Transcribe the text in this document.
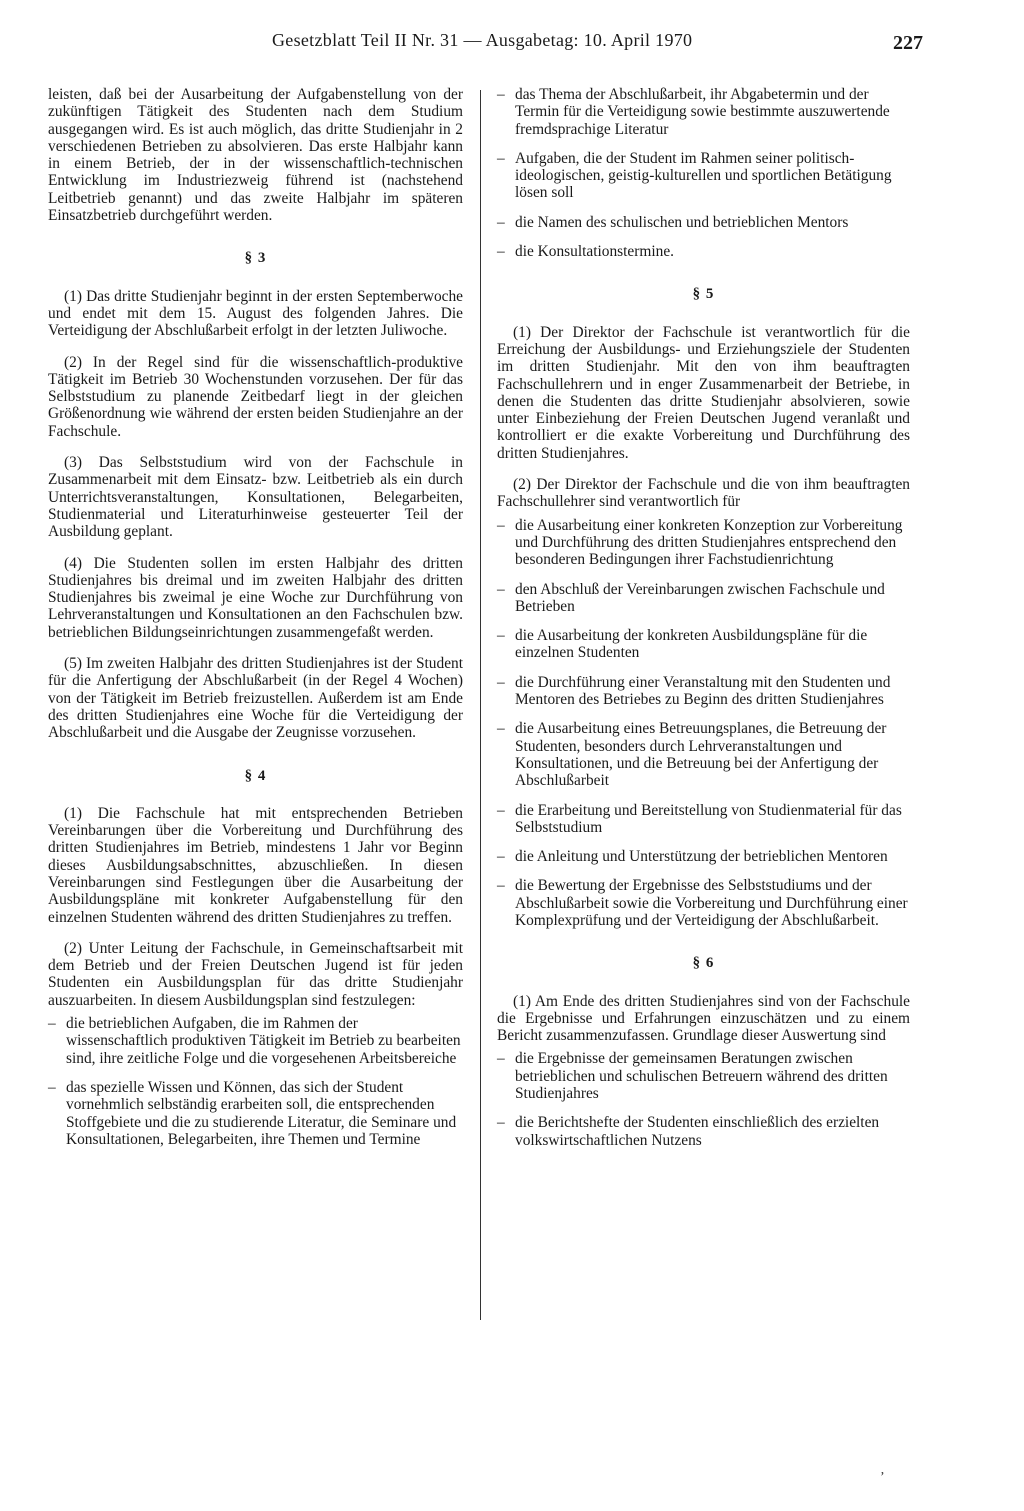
Gesetzblatt Teil II Nr. 31 — Ausgabetag: 10. April 1970	227

leisten, daß bei der Ausarbeitung der Aufgabenstellung von der zukünftigen Tätigkeit des Studenten nach dem Studium ausgegangen wird. Es ist auch möglich, das dritte Studienjahr in 2 verschiedenen Betrieben zu absolvieren. Das erste Halbjahr kann in einem Betrieb, der in der wissenschaftlich-technischen Entwicklung im Industriezweig führend ist (nachstehend Leitbetrieb genannt) und das zweite Halbjahr im späteren Einsatzbetrieb durchgeführt werden.

§ 3

(1) Das dritte Studienjahr beginnt in der ersten Septemberwoche und endet mit dem 15. August des folgenden Jahres. Die Verteidigung der Abschlußarbeit erfolgt in der letzten Juliwoche.

(2) In der Regel sind für die wissenschaftlich-produktive Tätigkeit im Betrieb 30 Wochenstunden vorzusehen. Der für das Selbststudium zu planende Zeitbedarf liegt in der gleichen Größenordnung wie während der ersten beiden Studienjahre an der Fachschule.

(3) Das Selbststudium wird von der Fachschule in Zusammenarbeit mit dem Einsatz- bzw. Leitbetrieb als ein durch Unterrichtsveranstaltungen, Konsultationen, Belegarbeiten, Studienmaterial und Literaturhinweise gesteuerter Teil der Ausbildung geplant.

(4) Die Studenten sollen im ersten Halbjahr des dritten Studienjahres bis dreimal und im zweiten Halbjahr des dritten Studienjahres bis zweimal je eine Woche zur Durchführung von Lehrveranstaltungen und Konsultationen an den Fachschulen bzw. betrieblichen Bildungseinrichtungen zusammengefaßt werden.

(5) Im zweiten Halbjahr des dritten Studienjahres ist der Student für die Anfertigung der Abschlußarbeit (in der Regel 4 Wochen) von der Tätigkeit im Betrieb freizustellen. Außerdem ist am Ende des dritten Studienjahres eine Woche für die Verteidigung der Abschlußarbeit und die Ausgabe der Zeugnisse vorzusehen.

§ 4

(1) Die Fachschule hat mit entsprechenden Betrieben Vereinbarungen über die Vorbereitung und Durchführung des dritten Studienjahres im Betrieb, mindestens 1 Jahr vor Beginn dieses Ausbildungsabschnittes, abzuschließen. In diesen Vereinbarungen sind Festlegungen über die Ausarbeitung der Ausbildungspläne mit konkreter Aufgabenstellung für den einzelnen Studenten während des dritten Studienjahres zu treffen.

(2) Unter Leitung der Fachschule, in Gemeinschaftsarbeit mit dem Betrieb und der Freien Deutschen Jugend ist für jeden Studenten ein Ausbildungsplan für das dritte Studienjahr auszuarbeiten. In diesem Ausbildungsplan sind festzulegen:

– die betrieblichen Aufgaben, die im Rahmen der wissenschaftlich produktiven Tätigkeit im Betrieb zu bearbeiten sind, ihre zeitliche Folge und die vorgesehenen Arbeitsbereiche
– das spezielle Wissen und Können, das sich der Student vornehmlich selbständig erarbeiten soll, die entsprechenden Stoffgebiete und die zu studierende Literatur, die Seminare und Konsultationen, Belegarbeiten, ihre Themen und Termine
– das Thema der Abschlußarbeit, ihr Abgabetermin und der Termin für die Verteidigung sowie bestimmte auszuwertende fremdsprachige Literatur
– Aufgaben, die der Student im Rahmen seiner politisch-ideologischen, geistig-kulturellen und sportlichen Betätigung lösen soll
– die Namen des schulischen und betrieblichen Mentors
– die Konsultationstermine.
§ 5

(1) Der Direktor der Fachschule ist verantwortlich für die Erreichung der Ausbildungs- und Erziehungsziele der Studenten im dritten Studienjahr. Mit den von ihm beauftragten Fachschullehrern und in enger Zusammenarbeit der Betriebe, in denen die Studenten das dritte Studienjahr absolvieren, sowie unter Einbeziehung der Freien Deutschen Jugend veranlaßt und kontrolliert er die exakte Vorbereitung und Durchführung des dritten Studienjahres.

(2) Der Direktor der Fachschule und die von ihm beauftragten Fachschullehrer sind verantwortlich für

– die Ausarbeitung einer konkreten Konzeption zur Vorbereitung und Durchführung des dritten Studienjahres entsprechend den besonderen Bedingungen ihrer Fachstudienrichtung
– den Abschluß der Vereinbarungen zwischen Fachschule und Betrieben
– die Ausarbeitung der konkreten Ausbildungspläne für die einzelnen Studenten
– die Durchführung einer Veranstaltung mit den Studenten und Mentoren des Betriebes zu Beginn des dritten Studienjahres
– die Ausarbeitung eines Betreuungsplanes, die Betreuung der Studenten, besonders durch Lehrveranstaltungen und Konsultationen, und die Betreuung bei der Anfertigung der Abschlußarbeit
– die Erarbeitung und Bereitstellung von Studienmaterial für das Selbststudium
– die Anleitung und Unterstützung der betrieblichen Mentoren
– die Bewertung der Ergebnisse des Selbststudiums und der Abschlußarbeit sowie die Vorbereitung und Durchführung einer Komplexprüfung und der Verteidigung der Abschlußarbeit.
§ 6

(1) Am Ende des dritten Studienjahres sind von der Fachschule die Ergebnisse und Erfahrungen einzuschätzen und zu einem Bericht zusammenzufassen. Grundlage dieser Auswertung sind

– die Ergebnisse der gemeinsamen Beratungen zwischen betrieblichen und schulischen Betreuern während des dritten Studienjahres
– die Berichtshefte der Studenten einschließlich des erzielten volkswirtschaftlichen Nutzens
’
